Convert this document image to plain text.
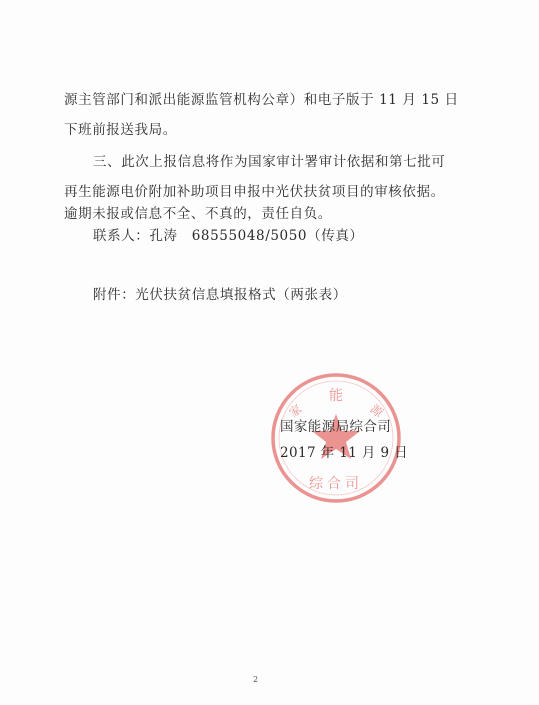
源主管部门和派出能源监管机构公章）和电子版于 11 月 15 日
下班前报送我局。
三、此次上报信息将作为国家审计署审计依据和第七批可
再生能源电价附加补助项目申报中光伏扶贫项目的审核依据。
逾期未报或信息不全、不真的，责任自负。
联系人：孔涛　68555048/5050（传真）
附件：光伏扶贫信息填报格式（两张表）
能
家	源
综合司
国家能源局综合司
2017 年 11 月 9 日
2
